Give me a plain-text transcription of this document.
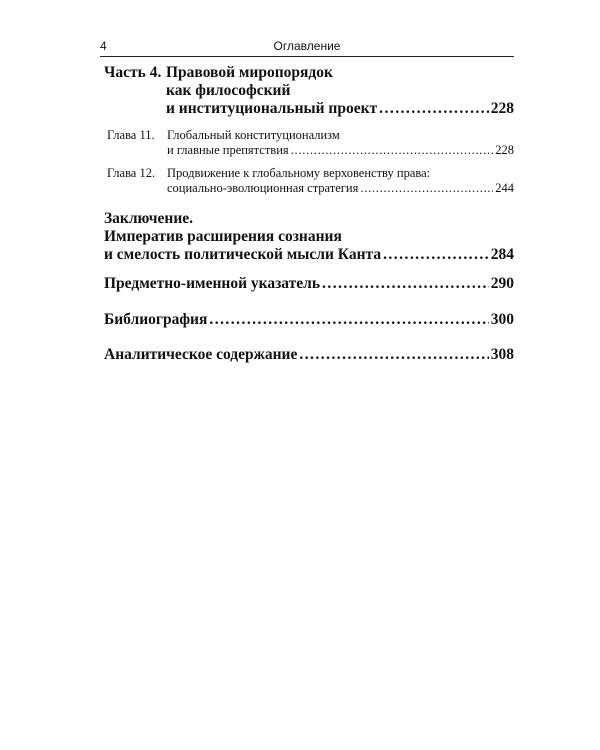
4	Оглавление
Часть 4. Правовой миропорядок
как философский
и институциональный проект . . .	228
Глава 11. Глобальный конституционализм
и главные препятствия . . .	228
Глава 12. Продвижение к глобальному верховенству права:
социально-эволюционная стратегия . . .	244
Заключение.
Императив расширения сознания
и смелость политической мысли Канта . . .	284
Предметно-именной указатель . . .	290
Библиография . . .	300
Аналитическое содержание . . .	308
